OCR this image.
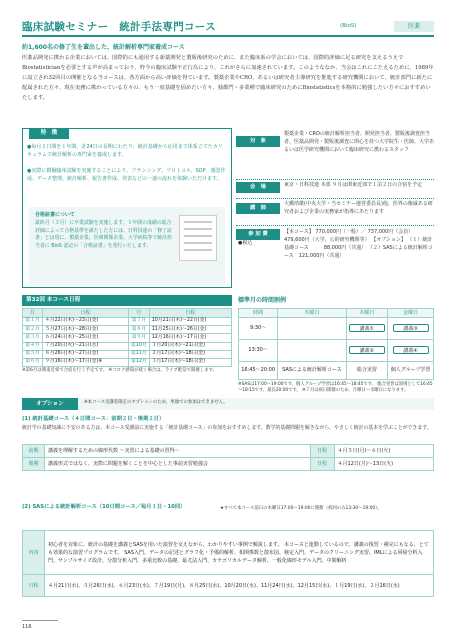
臨床試験セミナー　統計手法専門コース	(BioS)	医薬
約1,600名の修了生を輩出した、統計解析専門家養成コース
医薬品開発に携わる企業においては、国際的にも通用する新薬開発と製販後研究のために、また臨床系の学会においては、国際的評価に足る研究を支えるうえでBiostatisticianを必要とする声が高まっており、昨今の臨床試験不正行為により、これがさらに加速されています。このようななか、当会はこれにこたえるために、1989年に設立され32回目の開催となる当コースは、各方面から高い評価を得ています。製薬企業やCRO、あるいは研究者主導研究を推進する研究機関において、統計部門に新たに配属された方々、現在実務に携わっている方々の、もう一度基礎を固めたい方々、独都門・多業種で臨床研究のためにBiostatisticsを本格的に勉強したい方々におすすめいたします。
特　徴
●毎月２日間を１年間、計24日の長期にわたり、統計基礎から応用まで体系立てたカリキュラムで統計解析の専門家を養成します。
●実際に模擬臨床試験を実施することにより、プランニング、プロトコル、SOP、感覚作成、データ整理、統計解析、報告書作成、発表などの一連の流れを体験いただけます。
合格証書について
最終月（３月）に卒業試験を実施します。１年間の成績の総合評価によって合格基準を満たした方には、日科技連の「修了証書」とは別に、製薬企業、医療関係企業、大学病院等で統計担当者に BioS 認定の「合格証書」を発行いたします。
対　象
製薬企業・CROの統計解析担当者、開発担当者、製販後調査担当者、医薬品開発・製販後調査に関心を持つ大学院生・医師、大学あるいは医学研究機関において臨床研究に携わるスタッフ
会　場	東京・日科技連 本部 ９月は関東近郊で１泊２日の合宿を予定
講　師
大橋靖雄(中央大学・当セミナー運営委員長)他、医界の権威ある研究者および企業の実務家が指導にあたります
参 加 費
●税込
【本コース】 770,000円（一般）／ 737,000円（会員） 479,600円（大学、公的研究機関等） 【オプション】 （１）統計基礎コース　　　88,000円（共通） （２）SASによる統計解析コース　121,000円（共通）
第32回 本コース日程
月	日程	月	日程
第１月	４月22日(木)～23日(金)	第７月	10月21日(木)～22日(金)
第２月	５月27日(木)～28日(金)	第８月	11月25日(木)～26日(金)
第３月	６月24日(木)～25日(金)	第９月	12月16日(木)～17日(金)
第４月	７月20日(火)～21日(水)	第10月	１月20日(木)～21日(金)
第５月	８月26日(木)～27日(金)	第11月	２月17日(木)～18日(金)
第６月	９月16日(木)～17日(金)※	第12月	３月17日(木)～18日(金)
※第6月は関東近郊で合宿を行う予定です。 ※コロナ感染が続く場合は、ライブ配信で開催します。
標準月の時間割例
時間	木曜日	木曜日	金曜日
9:30～		講義①	講義③
13:30～		講義②	講義④
16:45～20:00	SASによる統計解析コース	総合実習	個人グループ学習
※SASは17:00～19:00です。個人グループ学習は16:45～18:45です。 総合実習は原則として16:45～18:15です。最長20:00です。 ※７月は祝日開催のため、月曜日～水曜日になります。
オプション	※本コース受講者限定のオプションのため、単独での参加はできません。
(1) 統計基礎コース（４日間コース：前期２日・後期２日）
統計学の基礎知識に不安のある方は、本コース受講前に実施する「統計基礎コース」の参加をおすすめします。数学的基礎問題を解きながら、やさしく統計の基本を学ぶことができます。
前期	講義を理解するための線形代数 ～実習による基礎の習得～	日程	４月５日(月)～６日(火)
後期	講義形式ではなく、実際に問題を解くことを中心とした事前実習勉強会	日程	４月12日(月)～13日(火)
(2) SASによる統計解析コース（10日間コース／毎月１日・10回）	★すべて本コース前日の木曜日17:00～19:00に開催（初回のみ13:30～19:00）。
内容	初心者を対象に、統計の基礎を講義とSASを用いた演習を交えながら、わかりやすい事例で解説します。 本コースと連動しているので、講義の復習・補完にもなる、とても効果的な演習プログラムです。 SAS入門、データの記述とグラフ化・予備的解析、相関係数と散布図、検定入門、データのクリーニング実習、IMLによる回帰分析入門、サンプルサイズ設計、分散分析入門、多重比較の基礎、最尤法入門、カテゴリカルデータ解析、一般化線形モデル入門、中間解析
日程	４月21日(水)、５月26日(水)、６月23日(水)、７月19日(月)、８月25日(水)、10月20日(水)、11月24日(水)、12月15日(水)、１月19日(水)、２月16日(水)
116
